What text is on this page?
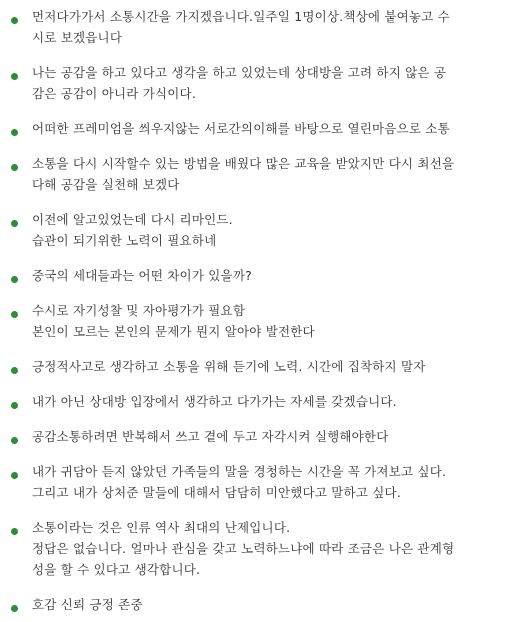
먼저다가가서 소통시간을 가지겠읍니다.일주일 1명이상.책상에 붙여놓고 수
시로 보겠읍니다
나는 공감을 하고 있다고 생각을 하고 있었는데 상대방을 고려 하지 않은 공
감은 공감이 아니라 가식이다.
어떠한 프레미엄을 씌우지않는 서로간의이해를 바탕으로 열린마음으로 소통
소통을 다시 시작할수 있는 방법을 배웠다 많은 교육을 받았지만 다시 최선을
다해 공감을 실천해 보겠다
이전에 알고있었는데 다시 리마인드.
습관이 되기위한 노력이 필요하네
중국의 세대들과는 어떤 차이가 있을까?
수시로 자기성찰 및 자아평가가 필요함
본인이 모르는 본인의 문제가 뭔지 알아야 발전한다
긍정적사고로 생각하고 소통을 위해 듣기에 노력. 시간에 집착하지 말자
내가 아닌 상대방 입장에서 생각하고 다가가는 자세를 갖겠습니다.
공감소통하려면 반복해서 쓰고 곁에 두고 자각시켜 실행해야한다
내가 귀담아 듣지 않았던 가족들의 말을 경청하는 시간을 꼭 가져보고 싶다.
그리고 내가 상처준 말들에 대해서 담담히 미안했다고 말하고 싶다.
소통이라는 것은 인류 역사 최대의 난제입니다.
정답은 없습니다. 얼마나 관심을 갖고 노력하느냐에 따라 조금은 나은 관계형
성을 할 수 있다고 생각합니다.
호감 신뢰 긍정 존중
